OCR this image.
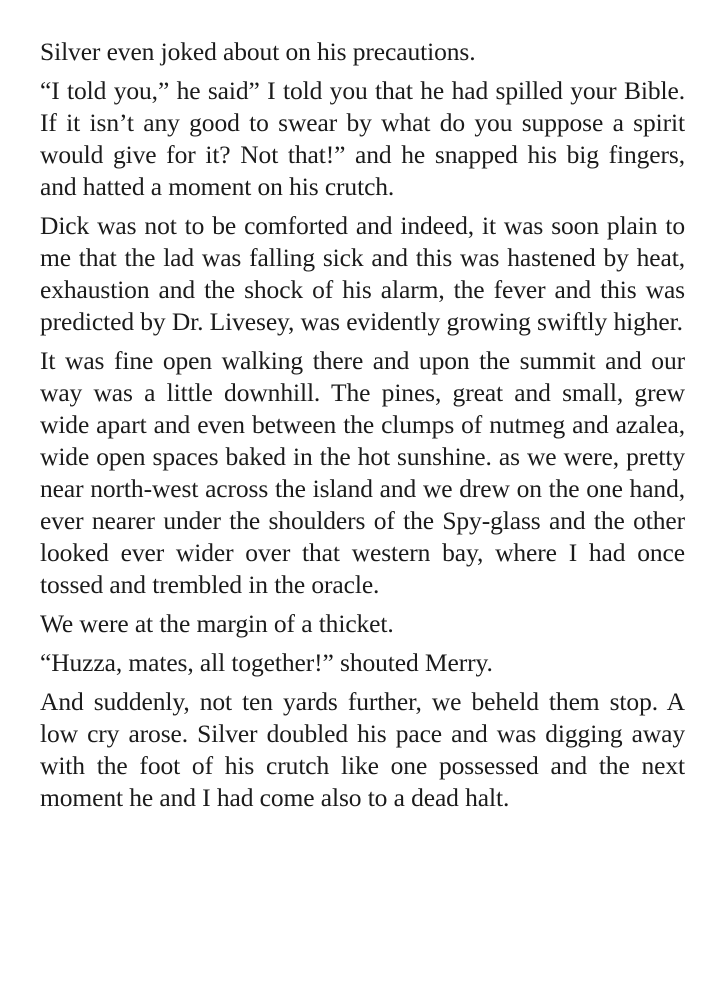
Silver even joked about on his precautions.

“I told you,” he said” I told you that he had spilled your Bible. If it isn’t any good to swear by what do you suppose a spirit would give for it? Not that!” and he snapped his big fingers, and hatted a moment on his crutch.

Dick was not to be comforted and indeed, it was soon plain to me that the lad was falling sick and this was hastened by heat, exhaustion and the shock of his alarm, the fever and this was predicted by Dr. Livesey, was evidently growing swiftly higher.

It was fine open walking there and upon the summit and our way was a little downhill. The pines, great and small, grew wide apart and even between the clumps of nutmeg and azalea, wide open spaces baked in the hot sunshine. as we were, pretty near north-west across the island and we drew on the one hand, ever nearer under the shoulders of the Spy-glass and the other looked ever wider over that western bay, where I had once tossed and trembled in the oracle.

We were at the margin of a thicket.

“Huzza, mates, all together!” shouted Merry.

And suddenly, not ten yards further, we beheld them stop. A low cry arose. Silver doubled his pace and was digging away with the foot of his crutch like one possessed and the next moment he and I had come also to a dead halt.
